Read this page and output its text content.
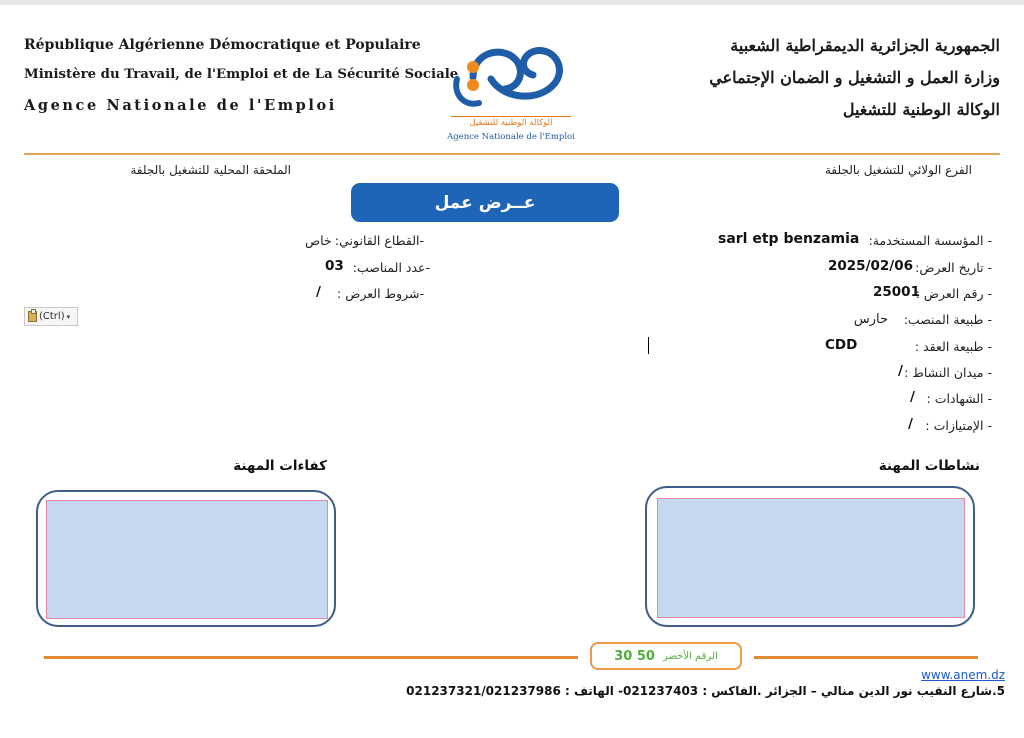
République Algérienne Démocratique et Populaire
Ministère du Travail, de l'Emploi et de La Sécurité Sociale
Agence Nationale de l'Emploi
الوكالة الوطنية للتشغيل
Agence Nationale de l'Emploi
الجمهورية الجزائرية الديمقراطية الشعبية
وزارة العمل و التشغيل و الضمان الإجتماعي
الوكالة الوطنية للتشغيل
الفرع الولائي للتشغيل بالجلفة
الملحقة المحلية للتشغيل بالجلفة
عــرض عمل
- المؤسسة المستخدمة:
sarl etp benzamia
- تاريخ العرض:
2025/02/06
- رقم العرض :
25001
- طبيعة المنصب:
حارس
- طبيعة العقد :
CDD
- ميدان النشاط :
/
- الشهادات :
/
- الإمتيازات :
/
-القطاع القانوني:
خاص
-عدد المناصب:
03
-شروط العرض :
/
(Ctrl) ▾
نشاطات المهنة
كفاءات المهنة
30 50 الرقم الأخضر
www.anem.dz
5.شارع النقيب نور الدين منالي – الجزائر .الفاكس : 021237403- الهاتف : 021237321/021237986
